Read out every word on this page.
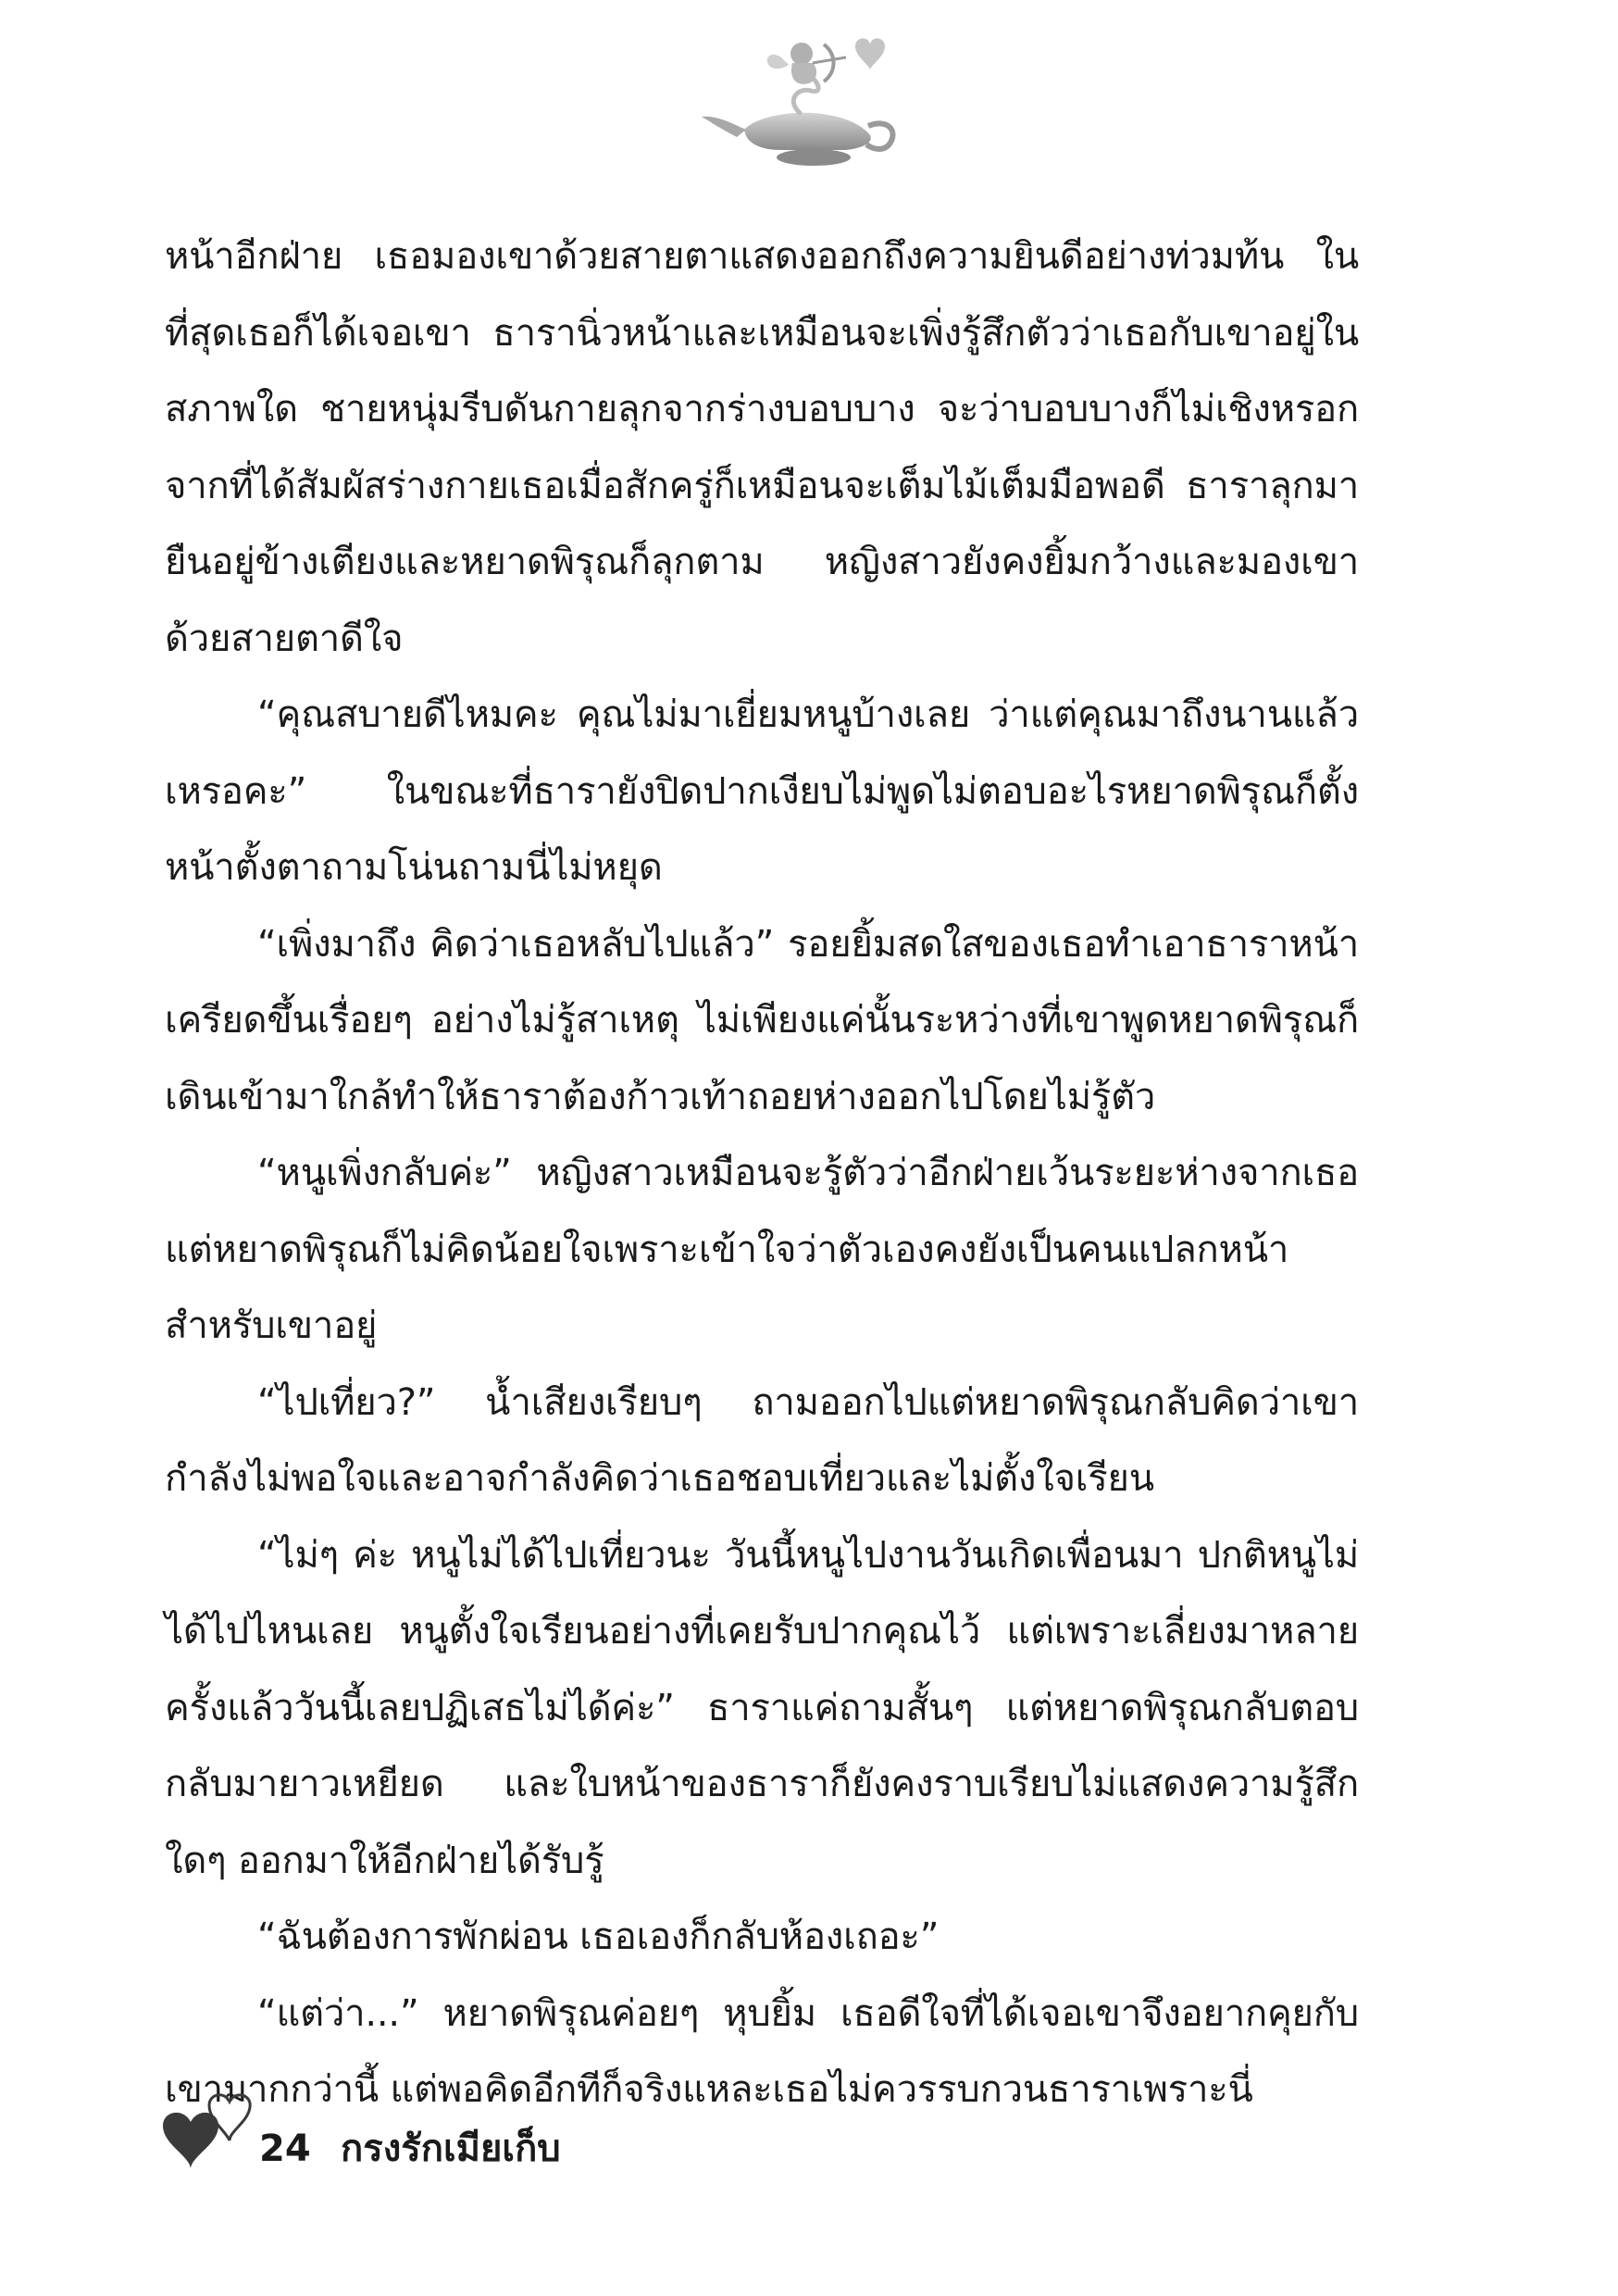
หน้าอีกฝ่าย เธอมองเขาด้วยสายตาแสดงออกถึงความยินดีอย่างท่วมท้น ในที่สุดเธอก็ได้เจอเขา ธารานิ่วหน้าและเหมือนจะเพิ่งรู้สึกตัวว่าเธอกับเขาอยู่ในสภาพใด ชายหนุ่มรีบดันกายลุกจากร่างบอบบาง จะว่าบอบบางก็ไม่เชิงหรอก จากที่ได้สัมผัสร่างกายเธอเมื่อสักครู่ก็เหมือนจะเต็มไม้เต็มมือพอดี ธาราลุกมายืนอยู่ข้างเตียงและหยาดพิรุณก็ลุกตาม หญิงสาวยังคงยิ้มกว้างและมองเขาด้วยสายตาดีใจ

“คุณสบายดีไหมคะ คุณไม่มาเยี่ยมหนูบ้างเลย ว่าแต่คุณมาถึงนานแล้วเหรอคะ” ในขณะที่ธารายังปิดปากเงียบไม่พูดไม่ตอบอะไรหยาดพิรุณก็ตั้งหน้าตั้งตาถามโน่นถามนี่ไม่หยุด

“เพิ่งมาถึง คิดว่าเธอหลับไปแล้ว” รอยยิ้มสดใสของเธอทำเอาธาราหน้าเครียดขึ้นเรื่อยๆ อย่างไม่รู้สาเหตุ ไม่เพียงแค่นั้นระหว่างที่เขาพูดหยาดพิรุณก็เดินเข้ามาใกล้ทำให้ธาราต้องก้าวเท้าถอยห่างออกไปโดยไม่รู้ตัว

“หนูเพิ่งกลับค่ะ” หญิงสาวเหมือนจะรู้ตัวว่าอีกฝ่ายเว้นระยะห่างจากเธอแต่หยาดพิรุณก็ไม่คิดน้อยใจเพราะเข้าใจว่าตัวเองคงยังเป็นคนแปลกหน้าสำหรับเขาอยู่

“ไปเที่ยว?” น้ำเสียงเรียบๆ ถามออกไปแต่หยาดพิรุณกลับคิดว่าเขากำลังไม่พอใจและอาจกำลังคิดว่าเธอชอบเที่ยวและไม่ตั้งใจเรียน

“ไม่ๆ ค่ะ หนูไม่ได้ไปเที่ยวนะ วันนี้หนูไปงานวันเกิดเพื่อนมา ปกติหนูไม่ได้ไปไหนเลย หนูตั้งใจเรียนอย่างที่เคยรับปากคุณไว้ แต่เพราะเลี่ยงมาหลายครั้งแล้ววันนี้เลยปฏิเสธไม่ได้ค่ะ” ธาราแค่ถามสั้นๆ แต่หยาดพิรุณกลับตอบกลับมายาวเหยียด และใบหน้าของธาราก็ยังคงราบเรียบไม่แสดงความรู้สึกใดๆ ออกมาให้อีกฝ่ายได้รับรู้

“ฉันต้องการพักผ่อน เธอเองก็กลับห้องเถอะ”

“แต่ว่า...” หยาดพิรุณค่อยๆ หุบยิ้ม เธอดีใจที่ได้เจอเขาจึงอยากคุยกับเขามากกว่านี้ แต่พอคิดอีกทีก็จริงแหละเธอไม่ควรรบกวนธาราเพราะนี่

24 กรงรักเมียเก็บ
